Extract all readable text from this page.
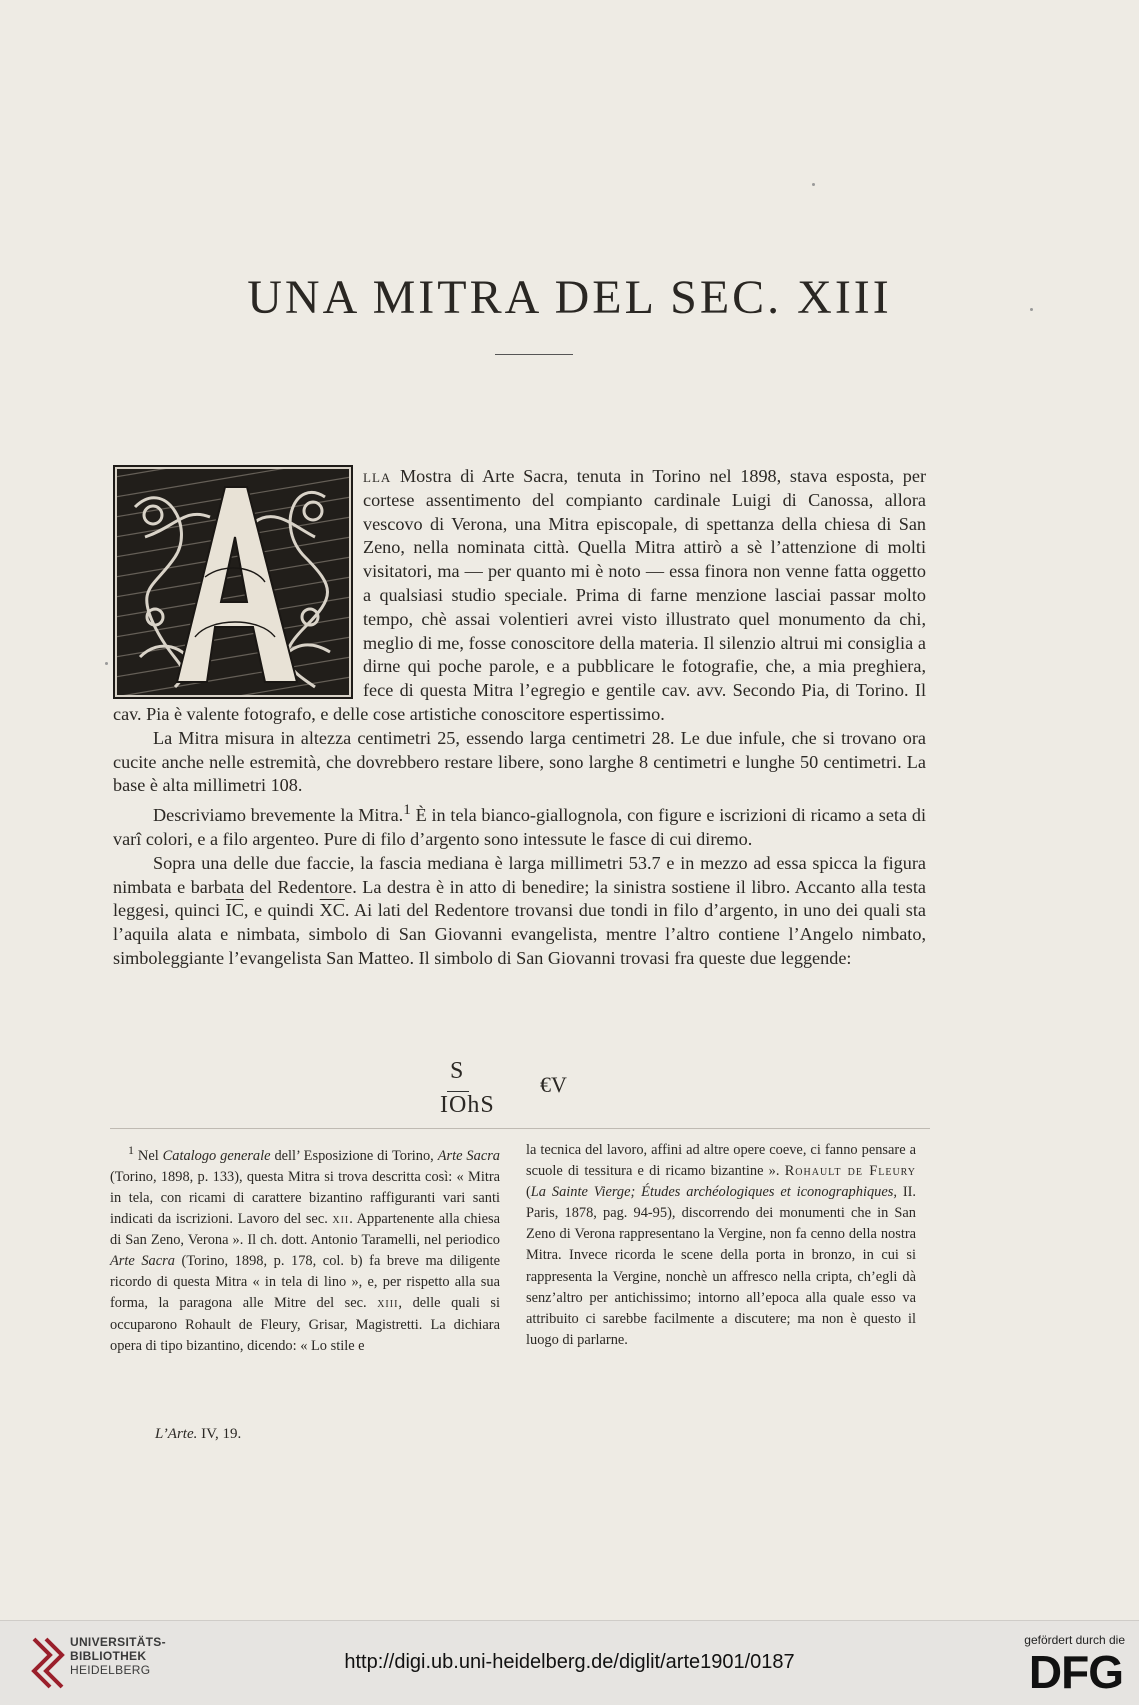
UNA MITRA DEL SEC. XIII

lla Mostra di Arte Sacra, tenuta in Torino nel 1898, stava esposta, per cortese assentimento del compianto cardinale Luigi di Canossa, allora vescovo di Verona, una Mitra episcopale, di spettanza della chiesa di San Zeno, nella nominata città. Quella Mitra attirò a sè l’attenzione di molti visitatori, ma — per quanto mi è noto — essa finora non venne fatta oggetto a qualsiasi studio speciale. Prima di farne menzione lasciai passar molto tempo, chè assai volentieri avrei visto illustrato quel monumento da chi, meglio di me, fosse conoscitore della materia. Il silenzio altrui mi consiglia a dirne qui poche parole, e a pubblicare le fotografie, che, a mia preghiera, fece di questa Mitra l’egregio e gentile cav. avv. Secondo Pia, di Torino. Il cav. Pia è valente fotografo, e delle cose artistiche conoscitore espertissimo.

La Mitra misura in altezza centimetri 25, essendo larga centimetri 28. Le due infule, che si trovano ora cucite anche nelle estremità, che dovrebbero restare libere, sono larghe 8 centimetri e lunghe 50 centimetri. La base è alta millimetri 108.

Descriviamo brevemente la Mitra.$^1$ È in tela bianco-giallognola, con figure e iscrizioni di ricamo a seta di varî colori, e a filo argenteo. Pure di filo d’argento sono intessute le fasce di cui diremo.

Sopra una delle due faccie, la fascia mediana è larga millimetri 53.7 e in mezzo ad essa spicca la figura nimbata e barbata del Redentore. La destra è in atto di benedire; la sinistra sostiene il libro. Accanto alla testa leggesi, quinci $\overline{IC}$, e quindi $\overline{XC}$. Ai lati del Redentore trovansi due tondi in filo d’argento, in uno dei quali sta l’aquila alata e nimbata, simbolo di San Giovanni evangelista, mentre l’altro contiene l’Angelo nimbato, simboleggiante l’evangelista San Matteo. Il simbolo di San Giovanni trovasi fra queste due leggende:

S
IOhS
€V

$^1$ Nel Catalogo generale dell’ Esposizione di Torino, Arte Sacra (Torino, 1898, p. 133), questa Mitra si trova descritta così: « Mitra in tela, con ricami di carattere bizantino raffiguranti vari santi indicati da iscrizioni. Lavoro del sec. xii. Appartenente alla chiesa di San Zeno, Verona ». Il ch. dott. Antonio Taramelli, nel periodico Arte Sacra (Torino, 1898, p. 178, col. b) fa breve ma diligente ricordo di questa Mitra « in tela di lino », e, per rispetto alla sua forma, la paragona alle Mitre del sec. xiii, delle quali si occuparono Rohault de Fleury, Grisar, Magistretti. La dichiara opera di tipo bizantino, dicendo: « Lo stile e

la tecnica del lavoro, affini ad altre opere coeve, ci fanno pensare a scuole di tessitura e di ricamo bizantine ». Rohault de Fleury (La Sainte Vierge; Études archéologiques et iconographiques, II. Paris, 1878, pag. 94-95), discorrendo dei monumenti che in San Zeno di Verona rappresentano la Vergine, non fa cenno della nostra Mitra. Invece ricorda le scene della porta in bronzo, in cui si rappresenta la Vergine, nonchè un affresco nella cripta, ch’egli dà senz’altro per antichissimo; intorno all’epoca alla quale esso va attribuito ci sarebbe facilmente a discutere; ma non è questo il luogo di parlarne.

L’Arte. IV, 19.
UNIVERSITÄTS-
BIBLIOTHEK
HEIDELBERG	http://digi.ub.uni-heidelberg.de/diglit/arte1901/0187
gefördert durch die
DFG
